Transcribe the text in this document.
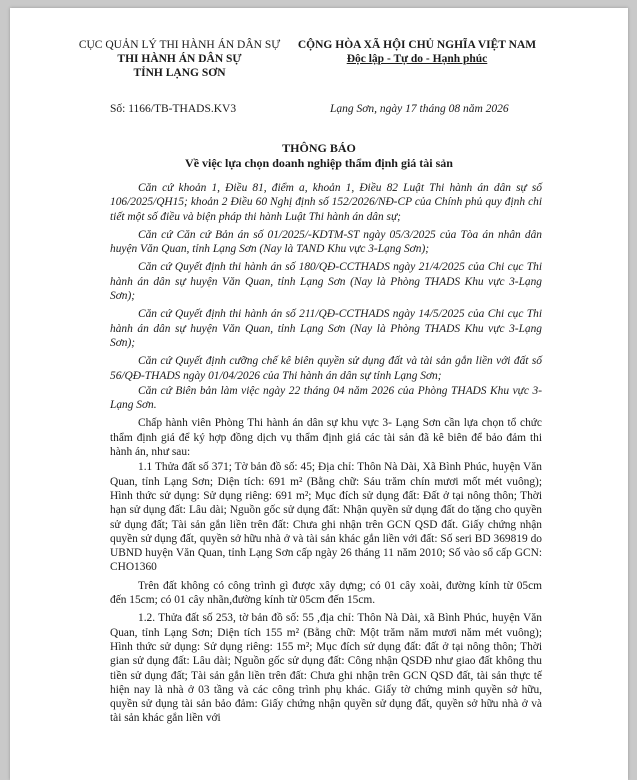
CỤC QUẢN LÝ THI HÀNH ÁN DÂN SỰ
THI HÀNH ÁN DÂN SỰ
TỈNH LẠNG SƠN
CỘNG HÒA XÃ HỘI CHỦ NGHĨA VIỆT NAM
Độc lập - Tự do - Hạnh phúc
Số: 1166/TB-THADS.KV3	Lạng Sơn, ngày 17 tháng 08 năm 2026
THÔNG BÁO
Về việc lựa chọn doanh nghiệp thẩm định giá tài sản

Căn cứ khoản 1, Điều 81, điểm a, khoản 1, Điều 82 Luật Thi hành án dân sự số 106/2025/QH15; khoản 2 Điều 60 Nghị định số 152/2026/NĐ-CP của Chính phủ quy định chi tiết một số điều và biện pháp thi hành Luật Thi hành án dân sự;

Căn cứ Căn cứ Bản án số 01/2025/-KDTM-ST ngày 05/3/2025 của Tòa án nhân dân huyện Văn Quan, tỉnh Lạng Sơn (Nay là TAND Khu vực 3-Lạng Sơn);

Căn cứ Quyết định thi hành án số 180/QĐ-CCTHADS ngày 21/4/2025 của Chi cục Thi hành án dân sự huyện Văn Quan, tỉnh Lạng Sơn (Nay là Phòng THADS Khu vực 3-Lạng Sơn);

Căn cứ Quyết định thi hành án số 211/QĐ-CCTHADS ngày 14/5/2025 của Chi cục Thi hành án dân sự huyện Văn Quan, tỉnh Lạng Sơn (Nay là Phòng THADS Khu vực 3-Lạng Sơn);

Căn cứ Quyết định cưỡng chế kê biên quyền sử dụng đất và tài sản gắn liền với đất số 56/QĐ-THADS ngày 01/04/2026 của Thi hành án dân sự tỉnh Lạng Sơn;

Căn cứ Biên bản làm việc ngày 22 tháng 04 năm 2026 của Phòng THADS Khu vực 3-Lạng Sơn.

Chấp hành viên Phòng Thi hành án dân sự khu vực 3- Lạng Sơn cần lựa chọn tổ chức thẩm định giá để ký hợp đồng dịch vụ thẩm định giá các tài sản đã kê biên để bảo đảm thi hành án, như sau:

1.1 Thửa đất số 371; Tờ bản đồ số: 45; Địa chỉ: Thôn Nà Dài, Xã Bình Phúc, huyện Văn Quan, tỉnh Lạng Sơn; Diện tích: 691 m² (Bằng chữ: Sáu trăm chín mươi mốt mét vuông); Hình thức sử dụng: Sử dụng riêng: 691 m²; Mục đích sử dụng đất: Đất ở tại nông thôn; Thời hạn sử dụng đất: Lâu dài; Nguồn gốc sử dụng đất: Nhận quyền sử dụng đất do tặng cho quyền sử dụng đất; Tài sản gắn liền trên đất: Chưa ghi nhận trên GCN QSD đất. Giấy chứng nhận quyền sử dụng đất, quyền sở hữu nhà ở và tài sản khác gắn liền với đất: Số seri BD 369819 do UBND huyện Văn Quan, tỉnh Lạng Sơn cấp ngày 26 tháng 11 năm 2010; Số vào sổ cấp GCN: CHO1360

Trên đất không có công trình gì được xây dựng; có 01 cây xoài, đường kính từ 05cm đến 15cm; có 01 cây nhãn,đường kính từ 05cm đến 15cm.

1.2. Thửa đất số 253, tờ bản đồ số: 55 ,địa chỉ: Thôn Nà Dài, xã Bình Phúc, huyện Văn Quan, tỉnh Lạng Sơn; Diện tích 155 m² (Bằng chữ: Một trăm năm mươi năm mét vuông); Hình thức sử dụng: Sử dụng riêng: 155 m²; Mục đích sử dụng đất: đất ở tại nông thôn; Thời gian sử dụng đất: Lâu dài; Nguồn gốc sử dụng đất: Công nhận QSDĐ như giao đất không thu tiền sử dụng đất; Tài sản gắn liền trên đất: Chưa ghi nhận trên GCN QSD đất, tài sản thực tế hiện nay là nhà ở 03 tầng và các công trình phụ khác. Giấy tờ chứng minh quyền sở hữu, quyền sử dụng tài sản bảo đảm: Giấy chứng nhận quyền sử dụng đất, quyền sở hữu nhà ở và tài sản khác gắn liền với
